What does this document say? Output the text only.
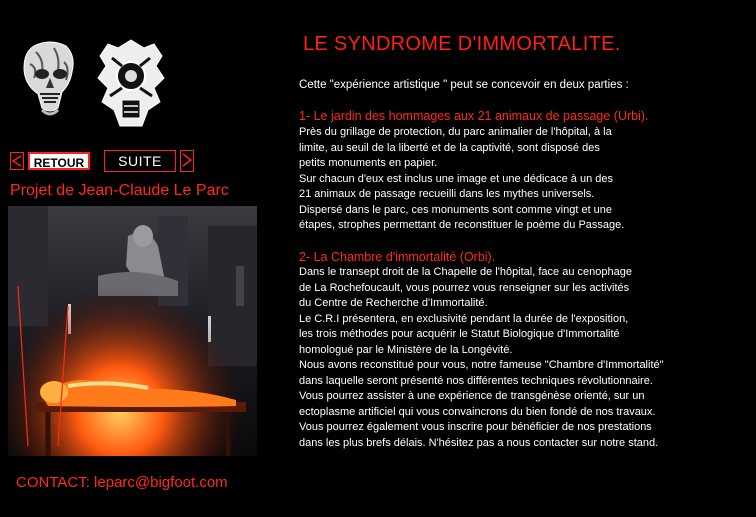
RETOUR	SUITE
Projet de Jean-Claude Le Parc
CONTACT: leparc@bigfoot.com
LE SYNDROME D'IMMORTALITE.
Cette "expérience artistique " peut se concevoir en deux parties :
1- Le jardin des hommages aux 21 animaux de passage (Urbi).
Près du grillage de protection, du parc animalier de l'hôpital, à la
limite, au seuil de la liberté et de la captivité, sont disposé des
petits monuments en papier.
Sur chacun d'eux est inclus une image et une dédicace à un des
21 animaux de passage recueilli dans les mythes universels.
Dispersé dans le parc, ces monuments sont comme vingt et une
étapes, strophes permettant de reconstituer le poème du Passage.
2- La Chambre d'immortalité (Orbi).
Dans le transept droit de la Chapelle de l'hôpital, face au cenophage
de La Rochefoucault, vous pourrez vous renseigner sur les activités
du Centre de Recherche d'Immortalité.
Le C.R.I présentera, en exclusivité pendant la durée de l'exposition,
les trois méthodes pour acquérir le Statut Biologique d'Immortalité
homologué par le Ministère de la Longévité.
Nous avons reconstitué pour vous, notre fameuse "Chambre d'Immortalité"
dans laquelle seront présenté nos différentes techniques révolutionnaire.
Vous pourrez assister à une expérience de transgénèse orienté, sur un
ectoplasme artificiel qui vous convaincrons du bien fondé de nos travaux.
Vous pourrez également vous inscrire pour bénéficier de nos prestations
dans les plus brefs délais. N'hésitez pas a nous contacter sur notre stand.
